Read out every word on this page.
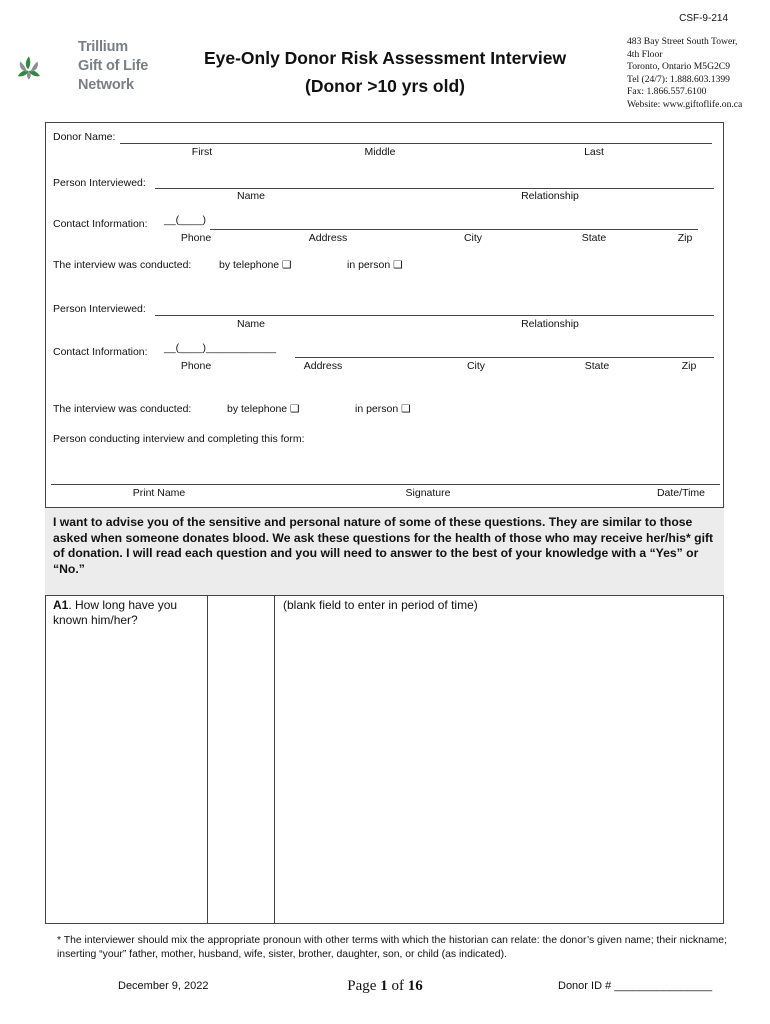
CSF-9-214
Trillium
Gift of Life
Network
Eye-Only Donor Risk Assessment Interview
(Donor >10 yrs old)
483 Bay Street South Tower,
4th Floor
Toronto, Ontario M5G2C9
Tel (24/7): 1.888.603.1399
Fax: 1.866.557.6100
Website: www.giftoflife.on.ca
Donor Name:
First	Middle	Last
Person Interviewed:
Name	Relationship
Contact Information: __(____)
Phone	Address	City	State	Zip
The interview was conducted:	by telephone ❑	in person ❑
Person Interviewed:
Name	Relationship
Contact Information: __(____)____________
Phone	Address	City	State	Zip
The interview was conducted:	by telephone ❑	in person ❑
Person conducting interview and completing this form:
Print Name	Signature	Date/Time
I want to advise you of the sensitive and personal nature of some of these questions. They are similar to those asked when someone donates blood. We ask these questions for the health of those who may receive her/his* gift of donation. I will read each question and you will need to answer to the best of your knowledge with a “Yes” or “No.”
A1. How long have you known him/her?
(blank field to enter in period of time)
* The interviewer should mix the appropriate pronoun with other terms with which the historian can relate: the donor’s given name; their nickname; inserting “your” father, mother, husband, wife, sister, brother, daughter, son, or child (as indicated).
December 9, 2022	Page 1 of 16	Donor ID # ________________
